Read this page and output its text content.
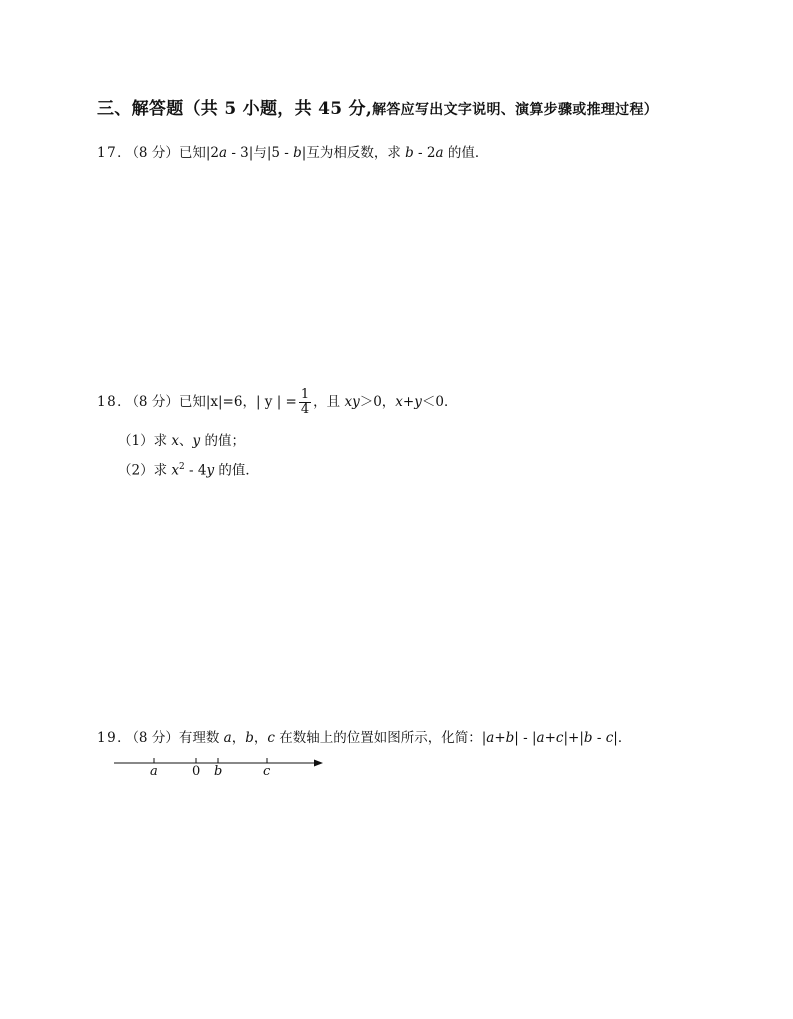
三、解答题（共 5 小题，共 45 分,解答应写出文字说明、演算步骤或推理过程）
17．（8 分）已知|2a - 3|与|5 - b|互为相反数，求 b - 2a 的值．
18．（8 分）已知|x|=6，| y | = $\frac{1}{4}$ ，且 xy＞0，x+y＜0．
（1）求 x、y 的值；
（2）求 $x^2 - 4y$ 的值．
19．（8 分）有理数 a，b，c 在数轴上的位置如图所示，化简：|a+b| - |a+c|+|b - c|．
a	0 b	c
